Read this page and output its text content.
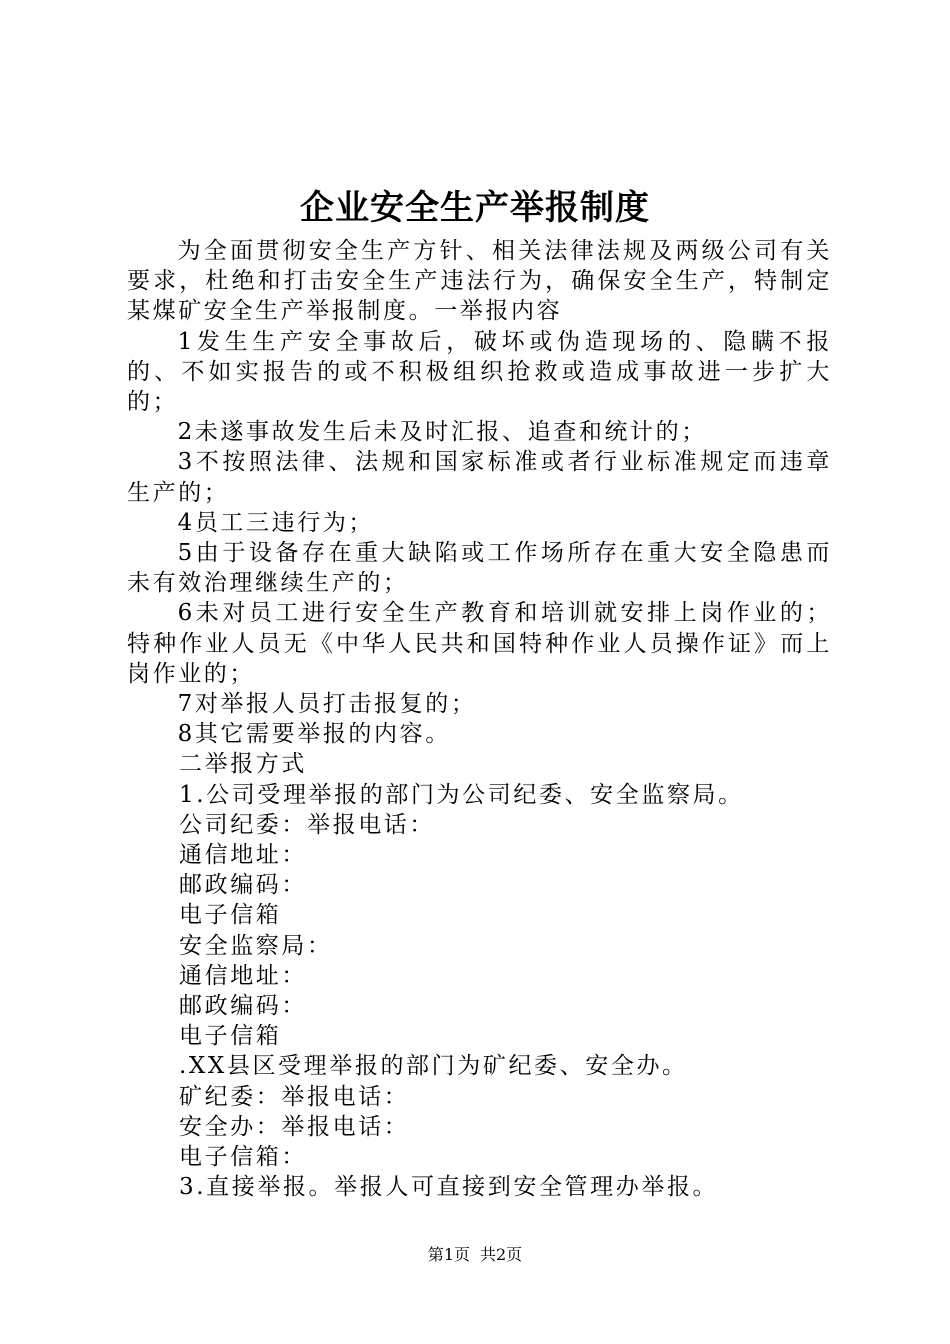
企业安全生产举报制度

为全面贯彻安全生产方针、相关法律法规及两级公司有关要求，杜绝和打击安全生产违法行为，确保安全生产，特制定某煤矿安全生产举报制度。一举报内容

1发生生产安全事故后，破坏或伪造现场的、隐瞒不报的、不如实报告的或不积极组织抢救或造成事故进一步扩大的；

2未遂事故发生后未及时汇报、追查和统计的；

3不按照法律、法规和国家标准或者行业标准规定而违章生产的；

4员工三违行为；

5由于设备存在重大缺陷或工作场所存在重大安全隐患而未有效治理继续生产的；

6未对员工进行安全生产教育和培训就安排上岗作业的；特种作业人员无《中华人民共和国特种作业人员操作证》而上岗作业的；

7对举报人员打击报复的；

8其它需要举报的内容。

二举报方式

1.公司受理举报的部门为公司纪委、安全监察局。

公司纪委：举报电话：

通信地址：

邮政编码：

电子信箱

安全监察局：

通信地址：

邮政编码：

电子信箱

.XX县区受理举报的部门为矿纪委、安全办。

矿纪委：举报电话：

安全办：举报电话：

电子信箱：

3.直接举报。举报人可直接到安全管理办举报。

第1页 共2页
